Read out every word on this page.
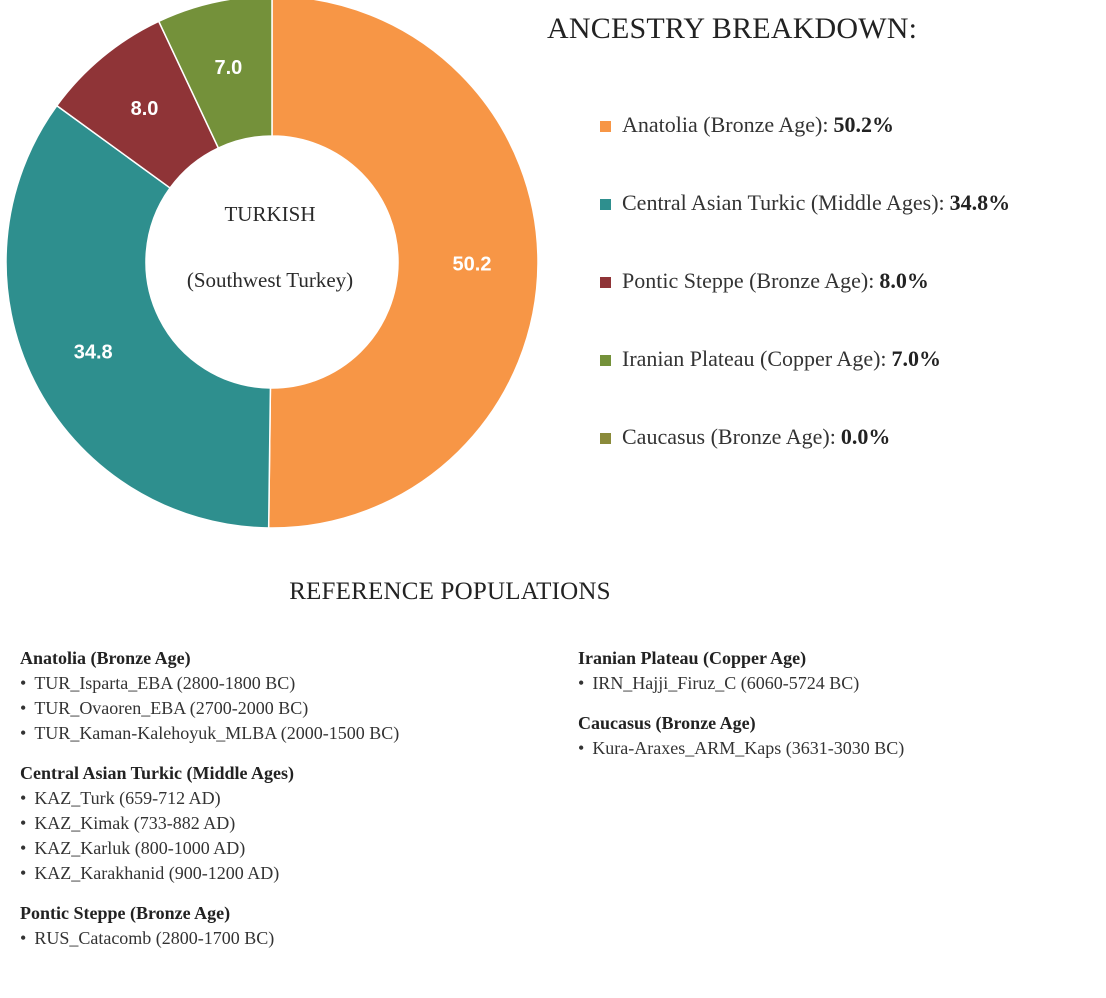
50.2
34.8
8.0
7.0
TURKISH
(Southwest Turkey)
ANCESTRY BREAKDOWN:
Anatolia (Bronze Age): 50.2%
Central Asian Turkic (Middle Ages): 34.8%
Pontic Steppe (Bronze Age): 8.0%
Iranian Plateau (Copper Age): 7.0%
Caucasus (Bronze Age): 0.0%
REFERENCE POPULATIONS
Anatolia (Bronze Age)
• TUR_Isparta_EBA (2800-1800 BC)
• TUR_Ovaoren_EBA (2700-2000 BC)
• TUR_Kaman-Kalehoyuk_MLBA (2000-1500 BC)
Central Asian Turkic (Middle Ages)
• KAZ_Turk (659-712 AD)
• KAZ_Kimak (733-882 AD)
• KAZ_Karluk (800-1000 AD)
• KAZ_Karakhanid (900-1200 AD)
Pontic Steppe (Bronze Age)
• RUS_Catacomb (2800-1700 BC)
Iranian Plateau (Copper Age)
• IRN_Hajji_Firuz_C (6060-5724 BC)
Caucasus (Bronze Age)
• Kura-Araxes_ARM_Kaps (3631-3030 BC)
